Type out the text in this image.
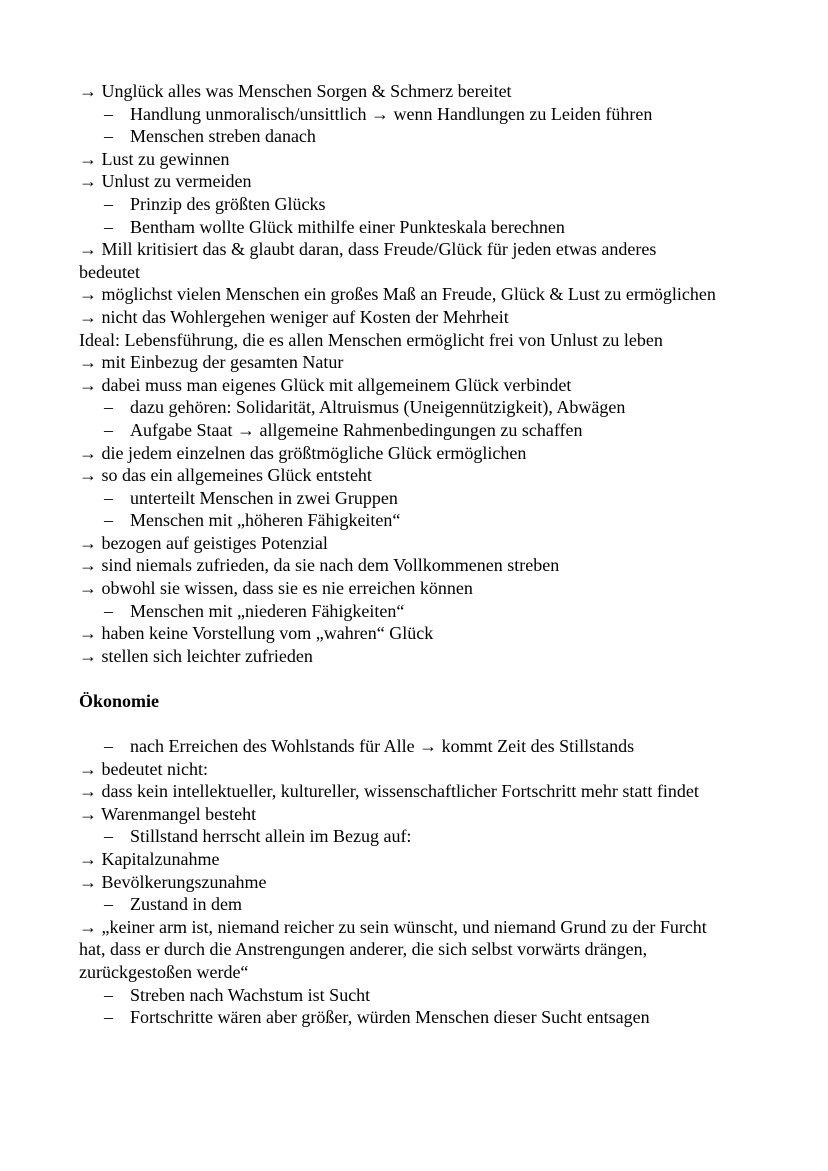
→ Unglück alles was Menschen Sorgen & Schmerz bereitet
– Handlung unmoralisch/unsittlich → wenn Handlungen zu Leiden führen
– Menschen streben danach
→ Lust zu gewinnen
→ Unlust zu vermeiden
– Prinzip des größten Glücks
– Bentham wollte Glück mithilfe einer Punkteskala berechnen
→ Mill kritisiert das & glaubt daran, dass Freude/Glück für jeden etwas anderes bedeutet
→ möglichst vielen Menschen ein großes Maß an Freude, Glück & Lust zu ermöglichen
→ nicht das Wohlergehen weniger auf Kosten der Mehrheit
Ideal: Lebensführung, die es allen Menschen ermöglicht frei von Unlust zu leben
→ mit Einbezug der gesamten Natur
→ dabei muss man eigenes Glück mit allgemeinem Glück verbindet
– dazu gehören: Solidarität, Altruismus (Uneigennützigkeit), Abwägen
– Aufgabe Staat → allgemeine Rahmenbedingungen zu schaffen
→ die jedem einzelnen das größtmögliche Glück ermöglichen
→ so das ein allgemeines Glück entsteht
– unterteilt Menschen in zwei Gruppen
– Menschen mit „höheren Fähigkeiten“
→ bezogen auf geistiges Potenzial
→ sind niemals zufrieden, da sie nach dem Vollkommenen streben
→ obwohl sie wissen, dass sie es nie erreichen können
– Menschen mit „niederen Fähigkeiten“
→ haben keine Vorstellung vom „wahren“ Glück
→ stellen sich leichter zufrieden
Ökonomie
– nach Erreichen des Wohlstands für Alle → kommt Zeit des Stillstands
→ bedeutet nicht:
→ dass kein intellektueller, kultureller, wissenschaftlicher Fortschritt mehr statt findet
→ Warenmangel besteht
– Stillstand herrscht allein im Bezug auf:
→ Kapitalzunahme
→ Bevölkerungszunahme
– Zustand in dem
→ „keiner arm ist, niemand reicher zu sein wünscht, und niemand Grund zu der Furcht hat, dass er durch die Anstrengungen anderer, die sich selbst vorwärts drängen, zurückgestoßen werde“
– Streben nach Wachstum ist Sucht
– Fortschritte wären aber größer, würden Menschen dieser Sucht entsagen
